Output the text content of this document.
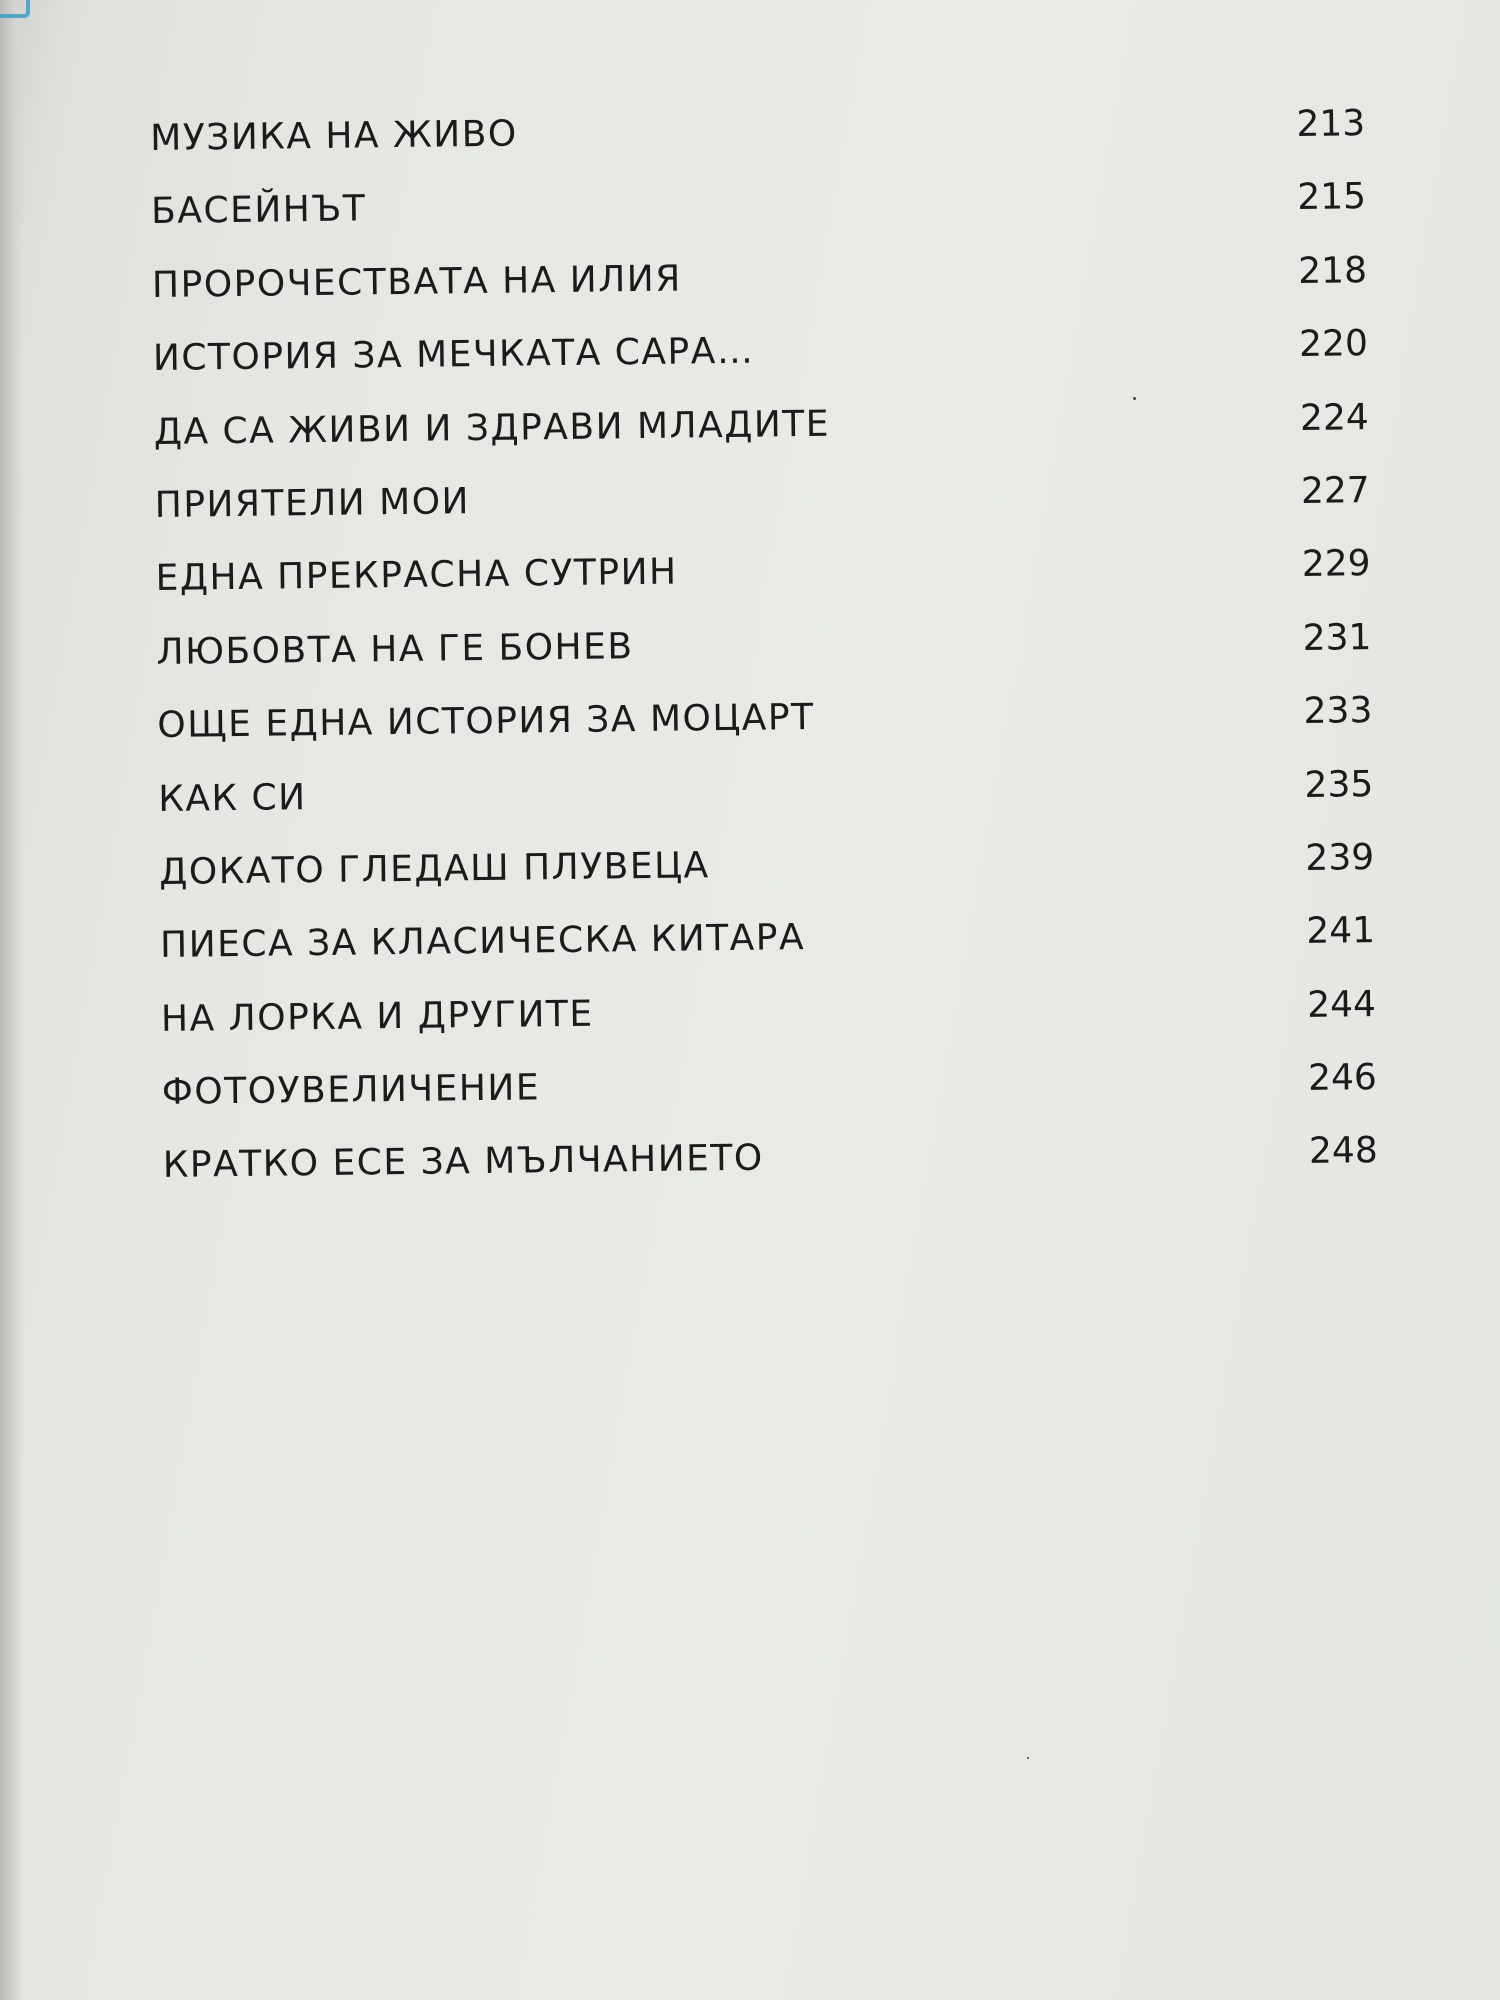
МУЗИКА НА ЖИВО	213
БАСЕЙНЪТ	215
ПРОРОЧЕСТВАТА НА ИЛИЯ	218
ИСТОРИЯ ЗА МЕЧКАТА САРА…	220
ДА СА ЖИВИ И ЗДРАВИ МЛАДИТЕ	224
ПРИЯТЕЛИ МОИ	227
ЕДНА ПРЕКРАСНА СУТРИН	229
ЛЮБОВТА НА ГЕ БОНЕВ	231
ОЩЕ ЕДНА ИСТОРИЯ ЗА МОЦАРТ	233
КАК СИ	235
ДОКАТО ГЛЕДАШ ПЛУВЕЦА	239
ПИЕСА ЗА КЛАСИЧЕСКА КИТАРА	241
НА ЛОРКА И ДРУГИТЕ	244
ФОТОУВЕЛИЧЕНИЕ	246
КРАТКО ЕСЕ ЗА МЪЛЧАНИЕТО	248
